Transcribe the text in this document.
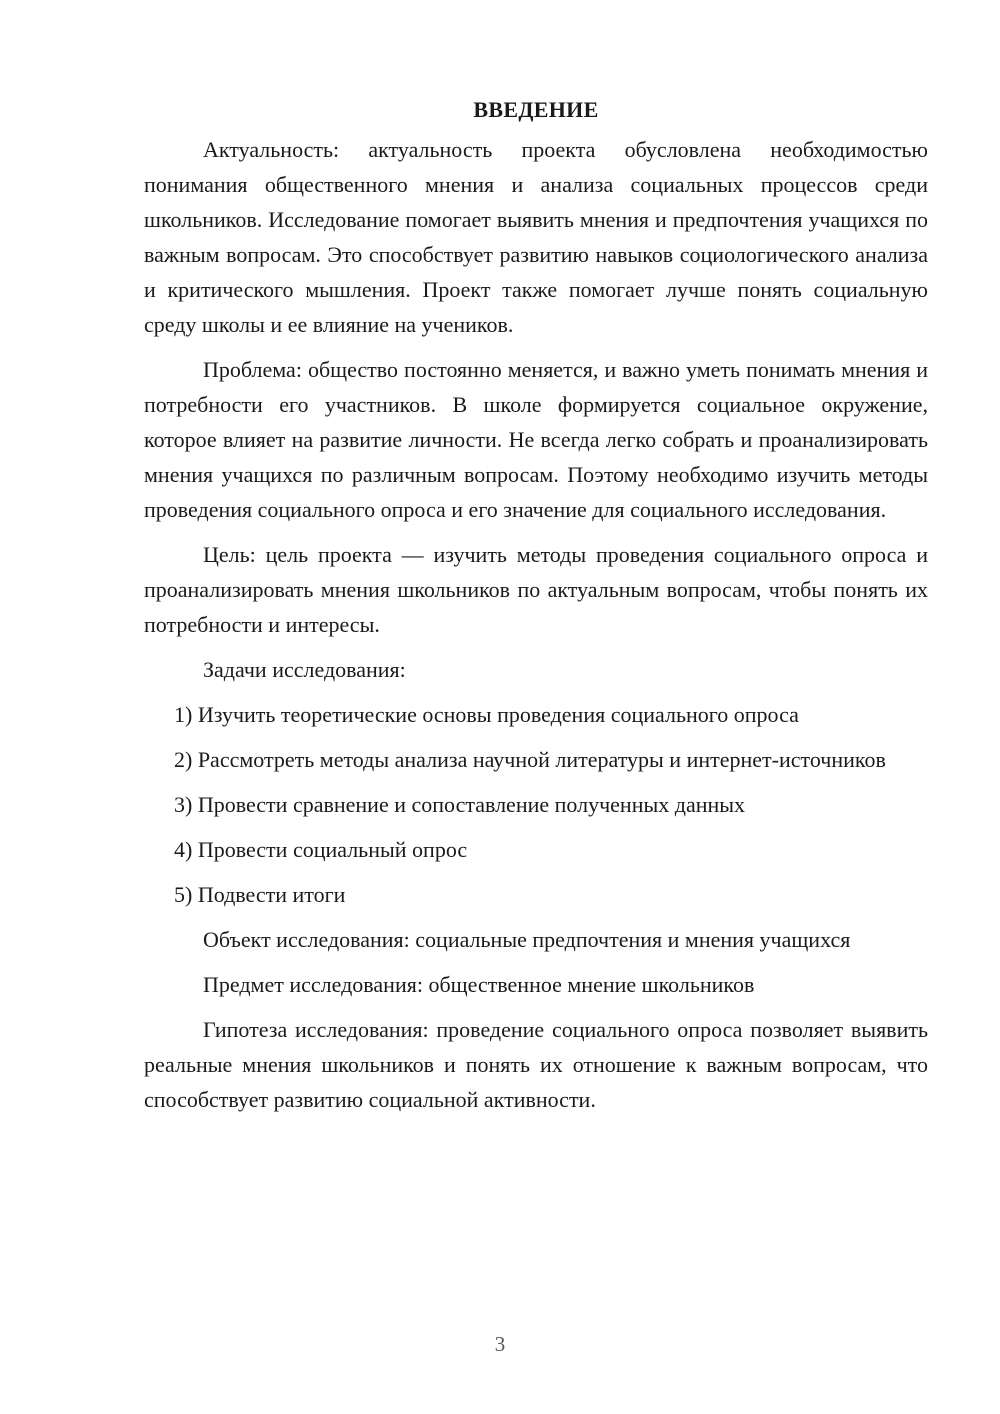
ВВЕДЕНИЕ

Актуальность: актуальность проекта обусловлена необходимостью понимания общественного мнения и анализа социальных процессов среди школьников. Исследование помогает выявить мнения и предпочтения учащихся по важным вопросам. Это способствует развитию навыков социологического анализа и критического мышления. Проект также помогает лучше понять социальную среду школы и ее влияние на учеников.

Проблема: общество постоянно меняется, и важно уметь понимать мнения и потребности его участников. В школе формируется социальное окружение, которое влияет на развитие личности. Не всегда легко собрать и проанализировать мнения учащихся по различным вопросам. Поэтому необходимо изучить методы проведения социального опроса и его значение для социального исследования.

Цель: цель проекта — изучить методы проведения социального опроса и проанализировать мнения школьников по актуальным вопросам, чтобы понять их потребности и интересы.

Задачи исследования:

1) Изучить теоретические основы проведения социального опроса

2) Рассмотреть методы анализа научной литературы и интернет-источников

3) Провести сравнение и сопоставление полученных данных

4) Провести социальный опрос

5) Подвести итоги

Объект исследования: социальные предпочтения и мнения учащихся

Предмет исследования: общественное мнение школьников

Гипотеза исследования: проведение социального опроса позволяет выявить реальные мнения школьников и понять их отношение к важным вопросам, что способствует развитию социальной активности.

3
